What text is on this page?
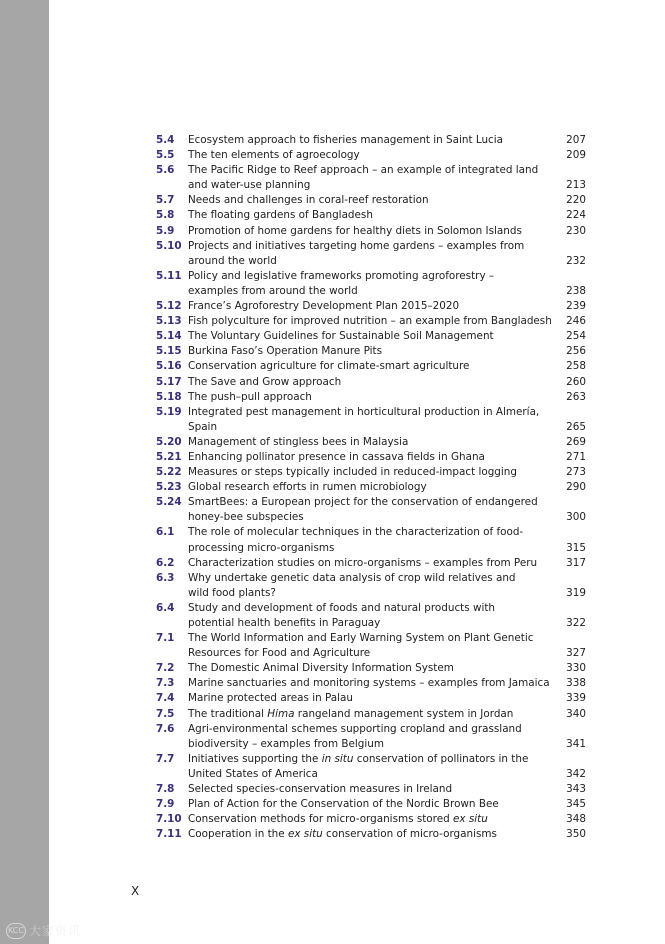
5.4	Ecosystem approach to fisheries management in Saint Lucia	207
5.5	The ten elements of agroecology	209
5.6	The Pacific Ridge to Reef approach – an example of integrated land
and water-use planning	213
5.7	Needs and challenges in coral-reef restoration	220
5.8	The floating gardens of Bangladesh	224
5.9	Promotion of home gardens for healthy diets in Solomon Islands	230
5.10 Projects and initiatives targeting home gardens – examples from
around the world	232
5.11 Policy and legislative frameworks promoting agroforestry –
examples from around the world	238
5.12 France’s Agroforestry Development Plan 2015–2020	239
5.13 Fish polyculture for improved nutrition – an example from Bangladesh	246
5.14 The Voluntary Guidelines for Sustainable Soil Management	254
5.15 Burkina Faso’s Operation Manure Pits	256
5.16 Conservation agriculture for climate-smart agriculture	258
5.17 The Save and Grow approach	260
5.18 The push–pull approach	263
5.19 Integrated pest management in horticultural production in Almería, Spain	265
5.20 Management of stingless bees in Malaysia	269
5.21 Enhancing pollinator presence in cassava fields in Ghana	271
5.22 Measures or steps typically included in reduced-impact logging	273
5.23 Global research efforts in rumen microbiology	290
5.24 SmartBees: a European project for the conservation of endangered
honey-bee subspecies	300
6.1	The role of molecular techniques in the characterization of food-
processing micro-organisms	315
6.2	Characterization studies on micro-organisms – examples from Peru	317
6.3	Why undertake genetic data analysis of crop wild relatives and
wild food plants?	319
6.4	Study and development of foods and natural products with
potential health benefits in Paraguay	322
7.1	The World Information and Early Warning System on Plant Genetic
Resources for Food and Agriculture	327
7.2	The Domestic Animal Diversity Information System	330
7.3	Marine sanctuaries and monitoring systems – examples from Jamaica	338
7.4	Marine protected areas in Palau	339
7.5	The traditional Hima rangeland management system in Jordan	340
7.6	Agri-environmental schemes supporting cropland and grassland
biodiversity – examples from Belgium	341
7.7	Initiatives supporting the in situ conservation of pollinators in the
United States of America	342
7.8	Selected species-conservation measures in Ireland	343
7.9	Plan of Action for the Conservation of the Nordic Brown Bee	345
7.10 Conservation methods for micro-organisms stored ex situ	348
7.11 Cooperation in the ex situ conservation of micro-organisms	350
X
KCC 大家资讯
